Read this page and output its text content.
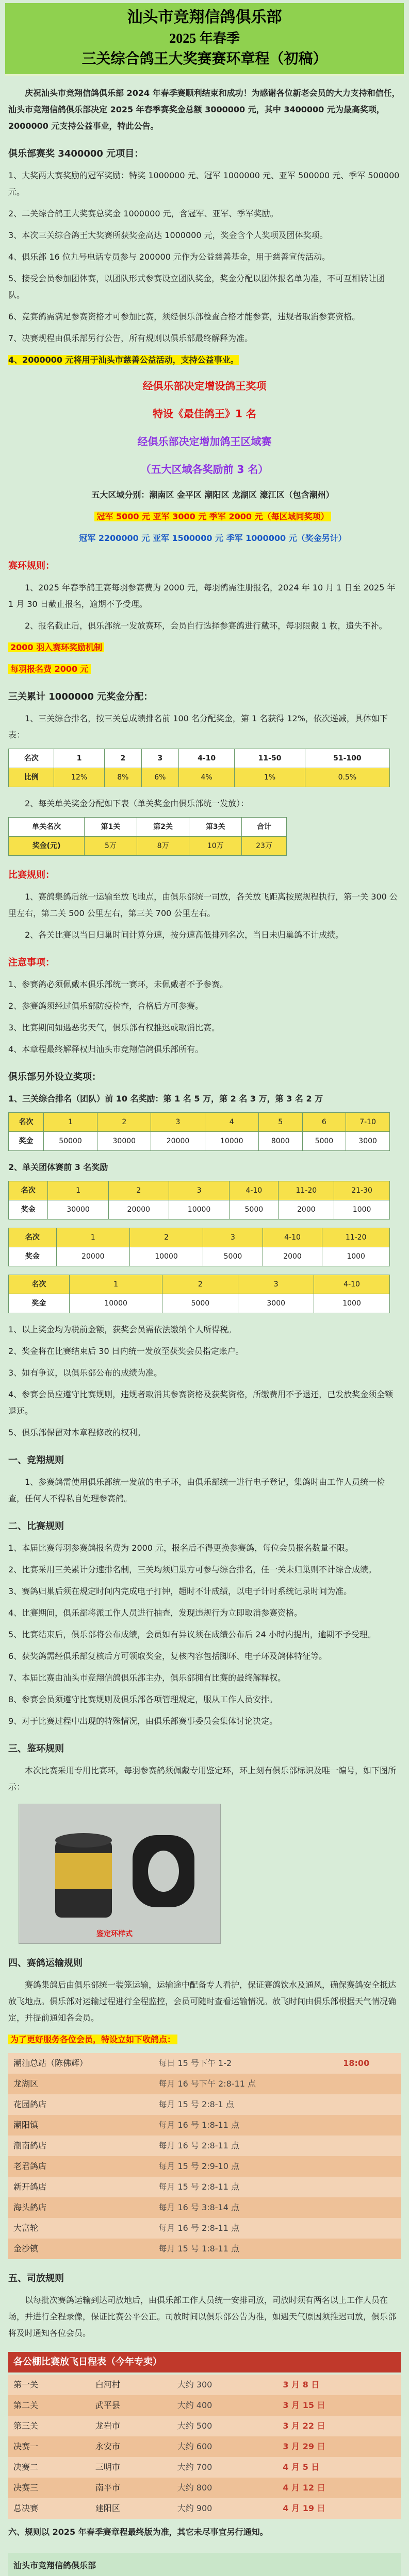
汕头市竞翔信鸽俱乐部
2025 年春季
三关综合鸽王大奖赛赛环章程（初稿）

庆祝汕头市竞翔信鸽俱乐部 2024 年春季赛顺利结束和成功！为感谢各位新老会员的大力支持和信任，汕头市竞翔信鸽俱乐部决定 2025 年春季赛奖金总额 3000000 元，其中 3400000 元为最高奖项，2000000 元支持公益事业，特此公告。

俱乐部赛奖 3400000 元项目：

1、大奖两大赛奖励的冠军奖励：特奖 1000000 元、冠军 1000000 元、亚军 500000 元、季军 500000 元。

2、二关综合鸽王大奖赛总奖金 1000000 元，含冠军、亚军、季军奖励。

3、本次三关综合鸽王大奖赛所获奖金高达 1000000 元，奖金含个人奖项及团体奖项。

4、俱乐部 16 位九号电话专员参与 200000 元作为公益慈善基金，用于慈善宣传活动。

5、接受会员参加团体赛，以团队形式参赛设立团队奖金，奖金分配以团体报名单为准，不可互相转让团队。

6、竞赛鸽需满足参赛资格才可参加比赛，须经俱乐部检查合格才能参赛，违规者取消参赛资格。

7、决赛规程由俱乐部另行公告，所有规则以俱乐部最终解释为准。

4、2000000 元将用于汕头市慈善公益活动，支持公益事业。

经俱乐部决定增设鸽王奖项
特设《最佳鸽王》1 名
经俱乐部决定增加鸽王区域赛
（五大区域各奖励前 3 名）

五大区域分别：潮南区 金平区 潮阳区 龙湖区 濠江区（包含潮州）

冠军 5000 元 亚军 3000 元 季军 2000 元（每区域同奖项）

冠军 2200000 元 亚军 1500000 元 季军 1000000 元（奖金另计）

赛环规则：

1、2025 年春季鸽王赛每羽参赛费为 2000 元，每羽鸽需注册报名，2024 年 10 月 1 日至 2025 年 1 月 30 日截止报名，逾期不予受理。

2、报名截止后，俱乐部统一发放赛环，会员自行选择参赛鸽进行戴环，每羽限戴 1 枚，遗失不补。

2000 羽入赛环奖励机制

每羽报名费 2000 元

三关累计 1000000 元奖金分配：

1、三关综合排名，按三关总成绩排名前 100 名分配奖金，第 1 名获得 12%，依次递减，具体如下表：

名次	1	2	3	4-10	11-50	51-100
比例	12%	8%	6%	4%	1%	0.5%

2、每关单关奖金分配如下表（单关奖金由俱乐部统一发放）：

单关名次	第1关	第2关	第3关	合计
奖金(元)	5万	8万	10万	23万
比赛规则：

1、赛鸽集鸽后统一运输至放飞地点，由俱乐部统一司放，各关放飞距离按照规程执行，第一关 300 公里左右，第二关 500 公里左右，第三关 700 公里左右。

2、各关比赛以当日归巢时间计算分速，按分速高低排列名次，当日未归巢鸽不计成绩。

注意事项：

1、参赛鸽必须佩戴本俱乐部统一赛环，未佩戴者不予参赛。

2、参赛鸽须经过俱乐部防疫检查，合格后方可参赛。

3、比赛期间如遇恶劣天气，俱乐部有权推迟或取消比赛。

4、本章程最终解释权归汕头市竞翔信鸽俱乐部所有。

俱乐部另外设立奖项：

1、三关综合排名（团队）前 10 名奖励：第 1 名 5 万，第 2 名 3 万，第 3 名 2 万

名次	1	2	3	4	5	6	7-10
奖金	50000	30000	20000	10000	8000	5000	3000

2、单关团体赛前 3 名奖励

名次	1	2	3	4-10	11-20	21-30
奖金	30000	20000	10000	5000	2000	1000
名次	1	2	3	4-10	11-20
奖金	20000	10000	5000	2000	1000
名次	1	2	3	4-10
奖金	10000	5000	3000	1000

1、以上奖金均为税前金额，获奖会员需依法缴纳个人所得税。

2、奖金将在比赛结束后 30 日内统一发放至获奖会员指定账户。

3、如有争议，以俱乐部公布的成绩为准。

4、参赛会员应遵守比赛规则，违规者取消其参赛资格及获奖资格，所缴费用不予退还，已发放奖金须全额退还。

5、俱乐部保留对本章程修改的权利。

一、竞翔规则

1、参赛鸽需使用俱乐部统一发放的电子环，由俱乐部统一进行电子登记，集鸽时由工作人员统一检查，任何人不得私自处理参赛鸽。

二、比赛规则

1、本届比赛每羽参赛鸽报名费为 2000 元，报名后不得更换参赛鸽，每位会员报名数量不限。

2、比赛采用三关累计分速排名制，三关均须归巢方可参与综合排名，任一关未归巢则不计综合成绩。

3、赛鸽归巢后须在规定时间内完成电子打钟，超时不计成绩，以电子计时系统记录时间为准。

4、比赛期间，俱乐部将派工作人员进行抽查，发现违规行为立即取消参赛资格。

5、比赛结束后，俱乐部将公布成绩，会员如有异议须在成绩公布后 24 小时内提出，逾期不予受理。

6、获奖鸽需经俱乐部复核后方可领取奖金，复核内容包括脚环、电子环及鸽体特征等。

7、本届比赛由汕头市竞翔信鸽俱乐部主办，俱乐部拥有比赛的最终解释权。

8、参赛会员须遵守比赛规则及俱乐部各项管理规定，服从工作人员安排。

9、对于比赛过程中出现的特殊情况，由俱乐部赛事委员会集体讨论决定。

三、鉴环规则

本次比赛采用专用比赛环，每羽参赛鸽须佩戴专用鉴定环，环上刻有俱乐部标识及唯一编号，如下图所示：

鉴定环样式
四、赛鸽运输规则

赛鸽集鸽后由俱乐部统一装笼运输，运输途中配备专人看护，保证赛鸽饮水及通风，确保赛鸽安全抵达放飞地点。俱乐部对运输过程进行全程监控，会员可随时查看运输情况。放飞时间由俱乐部根据天气情况确定，并提前通知各会员。

为了更好服务各位会员，特设立如下收鸽点：

潮汕总站（陈佛辉）	每日 15 号下午 1-2	18:00
龙湖区	每月 16 号下午 2:8-11 点	
花园鸽店	每月 15 号 2:8-1 点	
潮阳镇	每月 16 号 1:8-11 点	
潮南鸽店	每月 16 号 2:8-11 点	
老君鸽店	每月 15 号 2:9-10 点	
新开鸽店	每月 15 号 2:8-11 点	
海头鸽店	每月 16 号 3:8-14 点	
大富轮	每月 16 号 2:8-11 点	
金沙镇	每月 15 号 1:8-11 点	
五、司放规则

以每批次赛鸽运输到达司放地后，由俱乐部工作人员统一安排司放，司放时须有两名以上工作人员在场，并进行全程录像，保证比赛公平公正。司放时间以俱乐部公告为准，如遇天气原因须推迟司放，俱乐部将及时通知各位会员。

各公棚比赛放飞日程表（今年专卖）
第一关	白河村	大约 300	3 月 8 日
第二关	武平县	大约 400	3 月 15 日
第三关	龙岩市	大约 500	3 月 22 日
决赛一	永安市	大约 600	3 月 29 日
决赛二	三明市	大约 700	4 月 5 日
决赛三	南平市	大约 800	4 月 12 日
总决赛	建阳区	大约 900	4 月 19 日

六、规则以 2025 年春季赛章程最终版为准，其它未尽事宜另行通知。

汕头市竞翔信鸽俱乐部
